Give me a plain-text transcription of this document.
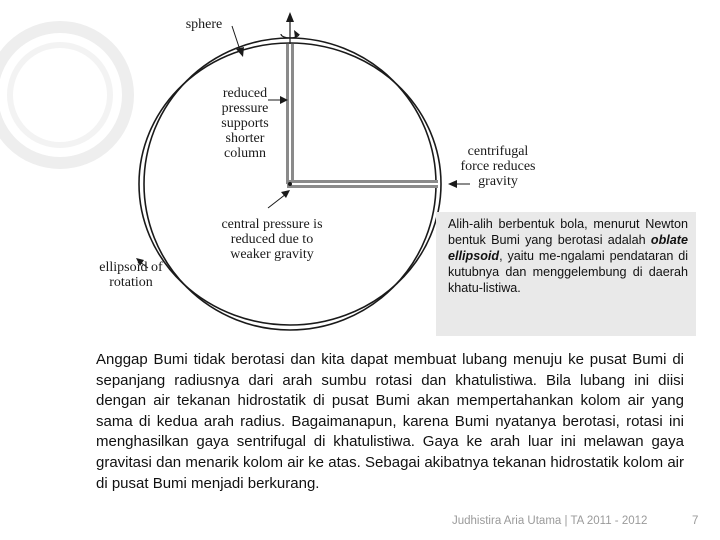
sphere
reduced
pressure
supports
shorter
column	centrifugal
force reduces
gravity
central pressure is
reduced due to
weaker gravity
ellipsoid of
rotation
Alih-alih berbentuk bola, menurut Newton bentuk Bumi yang berotasi adalah oblate ellipsoid, yaitu me-ngalami pendataran di kutubnya dan menggelembung di daerah khatu-listiwa.

Anggap Bumi tidak berotasi dan kita dapat membuat lubang menuju ke pusat Bumi di sepanjang radiusnya dari arah sumbu rotasi dan khatulistiwa. Bila lubang ini diisi dengan air tekanan hidrostatik di pusat Bumi akan mempertahankan kolom air yang sama di kedua arah radius. Bagaimanapun, karena Bumi nyatanya berotasi, rotasi ini menghasilkan gaya sentrifugal di khatulistiwa. Gaya ke arah luar ini melawan gaya gravitasi dan menarik kolom air ke atas. Sebagai akibatnya tekanan hidrostatik kolom air di pusat Bumi menjadi berkurang.

Judhistira Aria Utama | TA 2011 - 2012	7
